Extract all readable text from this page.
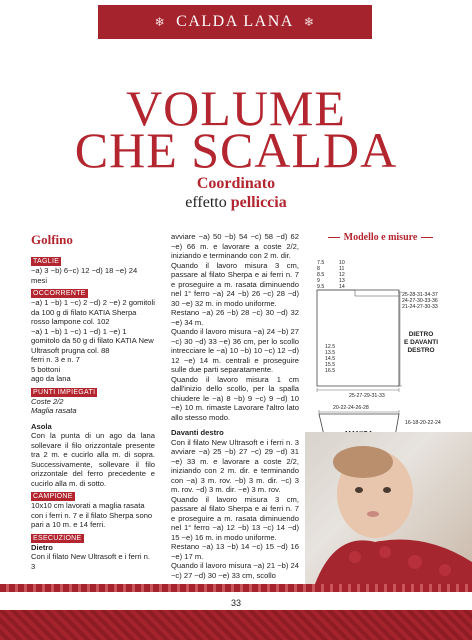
❄ CALDA LANA ❄
VOLUME
CHE SCALDA
Coordinato
effetto pelliccia
Golfino
TAGLIE

~a) 3 ~b) 6~c) 12 ~d) 18 ~e) 24 mesi

OCCORRENTE

~a) 1 ~b) 1 ~c) 2 ~d) 2 ~e) 2 gomitoli da 100 g di filato KATIA Sherpa rosso lampone col. 102

~a) 1 ~b) 1 ~c) 1 ~d) 1 ~e) 1 gomitolo da 50 g di filato KATIA New Ultrasoft prugna col. 88

ferri n. 3 e n. 7

5 bottoni

ago da lana

PUNTI IMPIEGATI

Coste 2/2

Maglia rasata

Asola

Con la punta di un ago da lana sollevare il filo orizzontale presente tra 2 m. e cucirlo alla m. di sopra. Successivamente, sollevare il filo orizzontale del ferro precedente e cucirlo alla m. di sotto.

CAMPIONE

10x10 cm lavorati a maglia rasata con i ferri n. 7 e il filato Sherpa sono pari a 10 m. e 14 ferri.

ESECUZIONE

Dietro

Con il filato New Ultrasoft e i ferri n. 3

avviare ~a) 50 ~b) 54 ~c) 58 ~d) 62 ~e) 66 m. e lavorare a coste 2/2, iniziando e terminando con 2 m. dir.

Quando il lavoro misura 3 cm, passare al filato Sherpa e ai ferri n. 7 e proseguire a m. rasata diminuendo nel 1° ferro ~a) 24 ~b) 26 ~c) 28 ~d) 30 ~e) 32 m. in modo uniforme.

Restano ~a) 26 ~b) 28 ~c) 30 ~d) 32 ~e) 34 m.

Quando il lavoro misura ~a) 24 ~b) 27 ~c) 30 ~d) 33 ~e) 36 cm, per lo scollo intrecciare le ~a) 10 ~b) 10 ~c) 12 ~d) 12 ~e) 14 m. centrali e proseguire sulle due parti separatamente.

Quando il lavoro misura 1 cm dall'inizio dello scollo, per la spalla chiudere le ~a) 8 ~b) 9 ~c) 9 ~d) 10 ~e) 10 m. rimaste Lavorare l'altro lato allo stesso modo.

Davanti destro

Con il filato New Ultrasoft e i ferri n. 3 avviare ~a) 25 ~b) 27 ~c) 29 ~d) 31 ~e) 33 m. e lavorare a coste 2/2, iniziando con 2 m. dir. e terminando con ~a) 3 m. rov. ~b) 3 m. dir. ~c) 3 m. rov. ~d) 3 m. dir. ~e) 3 m. rov.

Quando il lavoro misura 3 cm, passare al filato Sherpa e ai ferri n. 7 e proseguire a m. rasata diminuendo nel 1° ferro ~a) 12 ~b) 13 ~c) 14 ~d) 15 ~e) 16 m. in modo uniforme.

Restano ~a) 13 ~b) 14 ~c) 15 ~d) 16 ~e) 17 m.

Quando il lavoro misura ~a) 21 ~b) 24 ~c) 27 ~d) 30 ~e) 33 cm, scollo

Modello e misure
7.5
8
8.5
9
9.5
10
11
12
13
14
25-28-31-34-37
24-27-30-33-36
21-24-27-30-33
12.5
13.5
14.5
15.5
16.5
25-27-29-31-33
DIETRO
E DAVANTI
DESTRO
20-22-24-26-28
16-18-20-22-24
33
